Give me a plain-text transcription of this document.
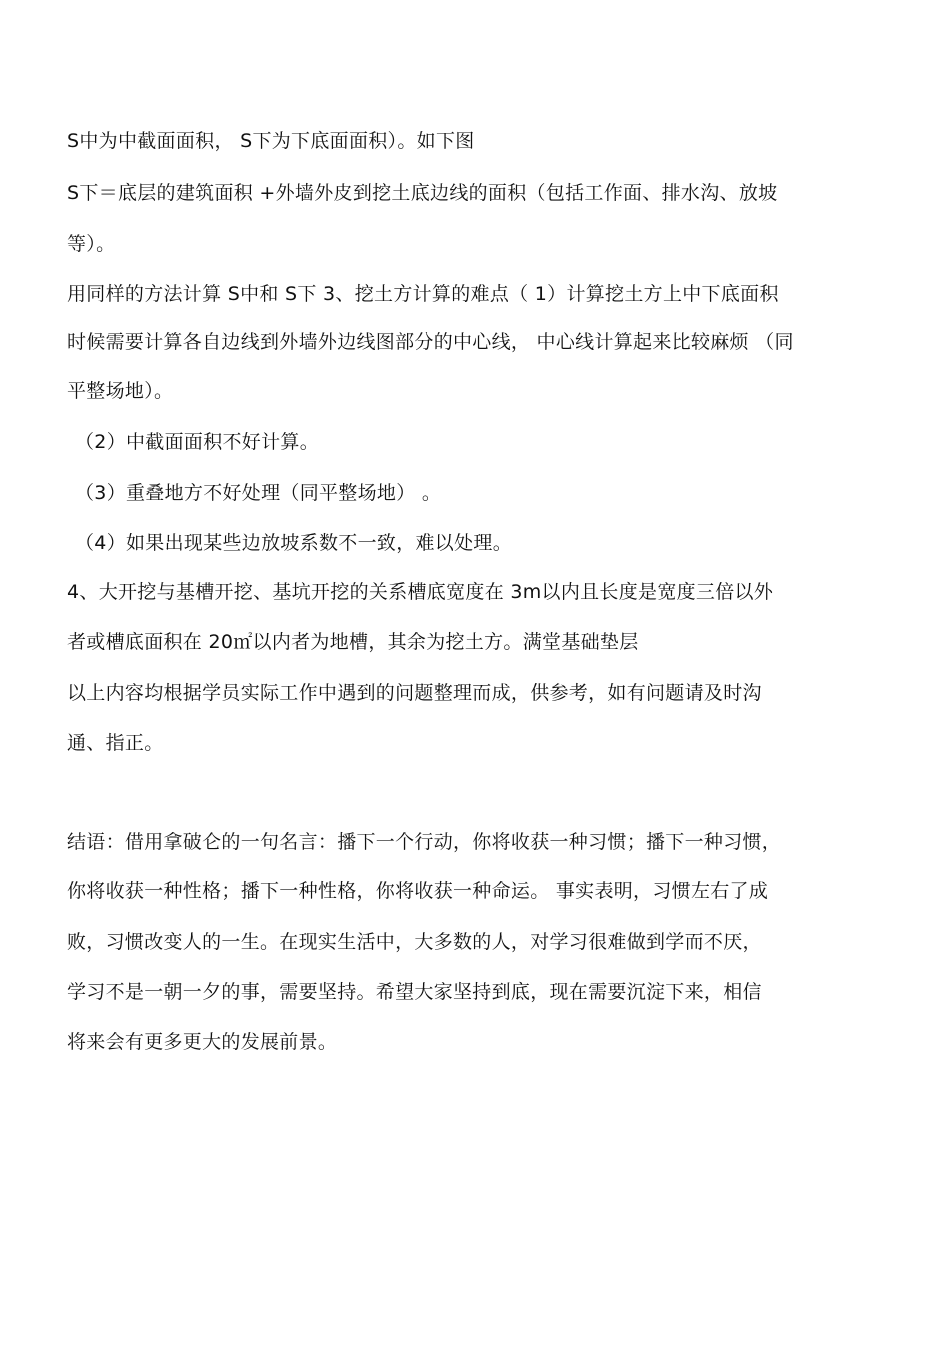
S中为中截面面积， S下为下底面面积）。如下图
S下＝底层的建筑面积 +外墙外皮到挖土底边线的面积（包括工作面、排水沟、放坡
等）。
用同样的方法计算 S中和 S下 3、挖土方计算的难点（ 1）计算挖土方上中下底面积
时候需要计算各自边线到外墙外边线图部分的中心线， 中心线计算起来比较麻烦 （同
平整场地）。
（2）中截面面积不好计算。
（3）重叠地方不好处理（同平整场地） 。
（4）如果出现某些边放坡系数不一致，难以处理。
4、大开挖与基槽开挖、基坑开挖的关系槽底宽度在 3m以内且长度是宽度三倍以外
者或槽底面积在 20㎡以内者为地槽，其余为挖土方。满堂基础垫层
以上内容均根据学员实际工作中遇到的问题整理而成，供参考，如有问题请及时沟
通、指正。
结语：借用拿破仑的一句名言：播下一个行动，你将收获一种习惯；播下一种习惯，
你将收获一种性格；播下一种性格，你将收获一种命运。 事实表明，习惯左右了成
败，习惯改变人的一生。在现实生活中，大多数的人，对学习很难做到学而不厌，
学习不是一朝一夕的事，需要坚持。希望大家坚持到底，现在需要沉淀下来，相信
将来会有更多更大的发展前景。
